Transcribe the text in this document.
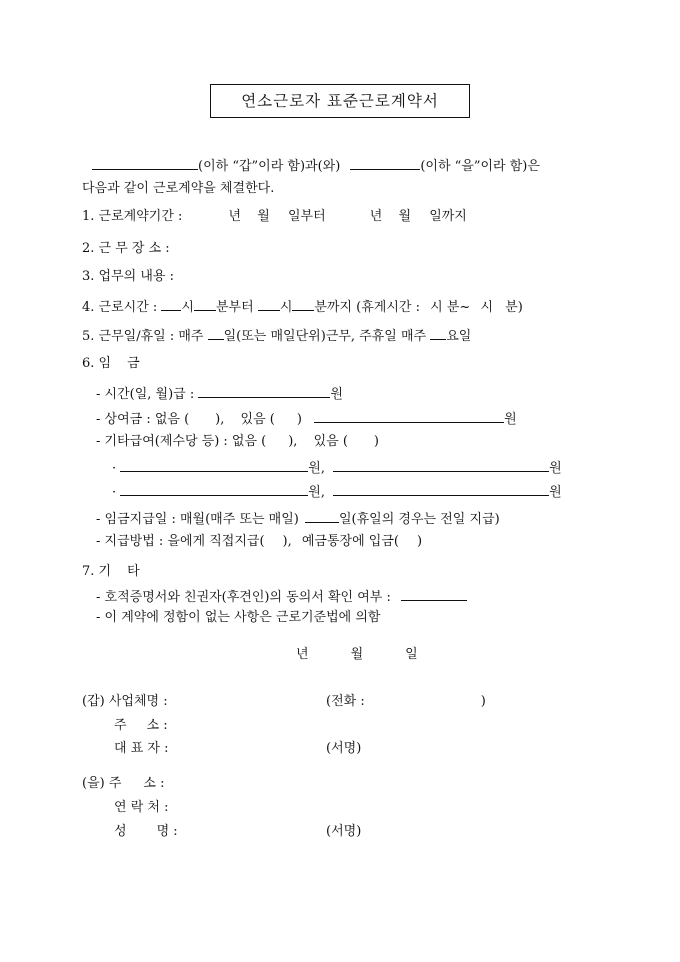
연소근로자 표준근로계약서
(이하 “갑”이라 함)과(와)	(이하 “을”이라 함)은
다음과 같이 근로계약을 체결한다.
1. 근로계약기간 :	년 월 일부터	년 월 일까지
2. 근 무 장 소 :
3. 업무의 내용 :
4. 근로시간 : 시 분부터 시 분까지 (휴게시간 : 시 분~ 시 분)
5. 근무일/휴일 : 매주 일(또는 매일단위)근무, 주휴일 매주 요일
6. 임 금
- 시간(일, 월)급 :	원
- 상여금 : 없음 ( ), 있음 ( )	원
- 기타급여(제수당 등) : 없음 ( ), 있음 ( )
·	원,	원
·	원,	원
- 임금지급일 : 매월(매주 또는 매일)	일(휴일의 경우는 전일 지급)
- 지급방법 : 을에게 직접지급( ), 예금통장에 입금( )
7. 기 타
- 호적증명서와 친권자(후견인)의 동의서 확인 여부 :
- 이 계약에 정함이 없는 사항은 근로기준법에 의함
년	월	일
(갑) 사업체명 :	(전화 :	)
주 소 :
대 표 자 :	(서명)
(을) 주 소 :
연 락 처 :
성 명 :	(서명)
